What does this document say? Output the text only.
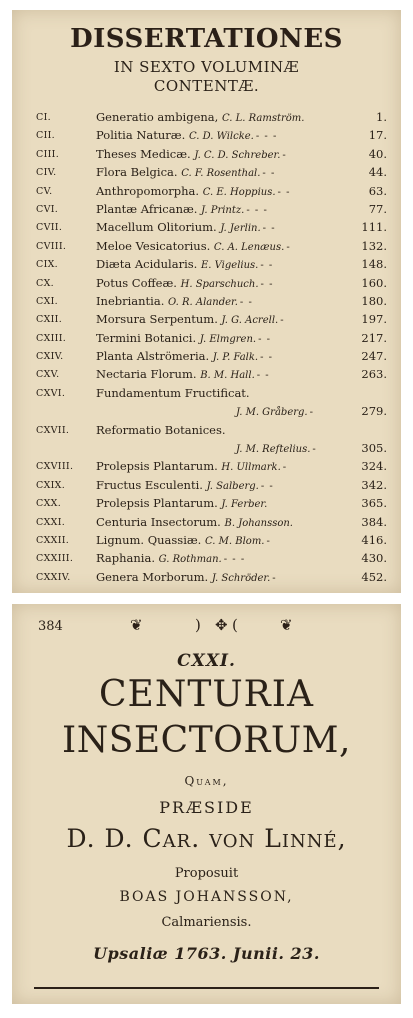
DISSERTATIONES
IN SEXTO VOLUMINÆ
CONTENTÆ.
CI.	Generatio ambigena, C. L. Ramström.	1.
CII.	Politia Naturæ. C. D. Wilcke. - - -	17.
CIII.	Theses Medicæ. J. C. D. Schreber. -	40.
CIV.	Flora Belgica. C. F. Rosenthal. - -	44.
CV.	Anthropomorpha. C. E. Hoppius. - -	63.
CVI.	Plantæ Africanæ. J. Printz. - - -	77.
CVII.	Macellum Olitorium. J. Jerlin. - -	111.
CVIII.	Meloe Vesicatorius. C. A. Lenæus. -	132.
CIX.	Diæta Acidularis. E. Vigelius. - -	148.
CX.	Potus Coffeæ. H. Sparschuch. - -	160.
CXI.	Inebriantia. O. R. Alander. - -	180.
CXII.	Morsura Serpentum. J. G. Acrell. -	197.
CXIII.	Termini Botanici. J. Elmgren. - -	217.
CXIV.	Planta Alströmeria. J. P. Falk. - -	247.
CXV.	Nectaria Florum. B. M. Hall. - -	263.
CXVI.	Fundamentum Fructificat.
J. M. Gråberg. -	279.
CXVII. Reformatio Botanices.
J. M. Reftelius. -	305.
CXVIII. Prolepsis Plantarum. H. Ullmark. -	324.
CXIX.	Fructus Esculenti. J. Salberg. - -	342.
CXX.	Prolepsis Plantarum. J. Ferber.	365.
CXXI.	Centuria Insectorum. B. Johansson.	384.
CXXII. Lignum. Quassiæ. C. M. Blom. -	416.
CXXIII. Raphania. G. Rothman. - - -	430.
CXXIV. Genera Morborum. J. Schröder. -	452.
384	❦	) ✥ (	❦
CXXI.
CENTURIA
INSECTORUM,
Quam,
PRÆSIDE
D. D. Car. von Linné,
Proposuit
BOAS JOHANSSON,
Calmariensis.
Upsaliæ 1763. Junii. 23.
